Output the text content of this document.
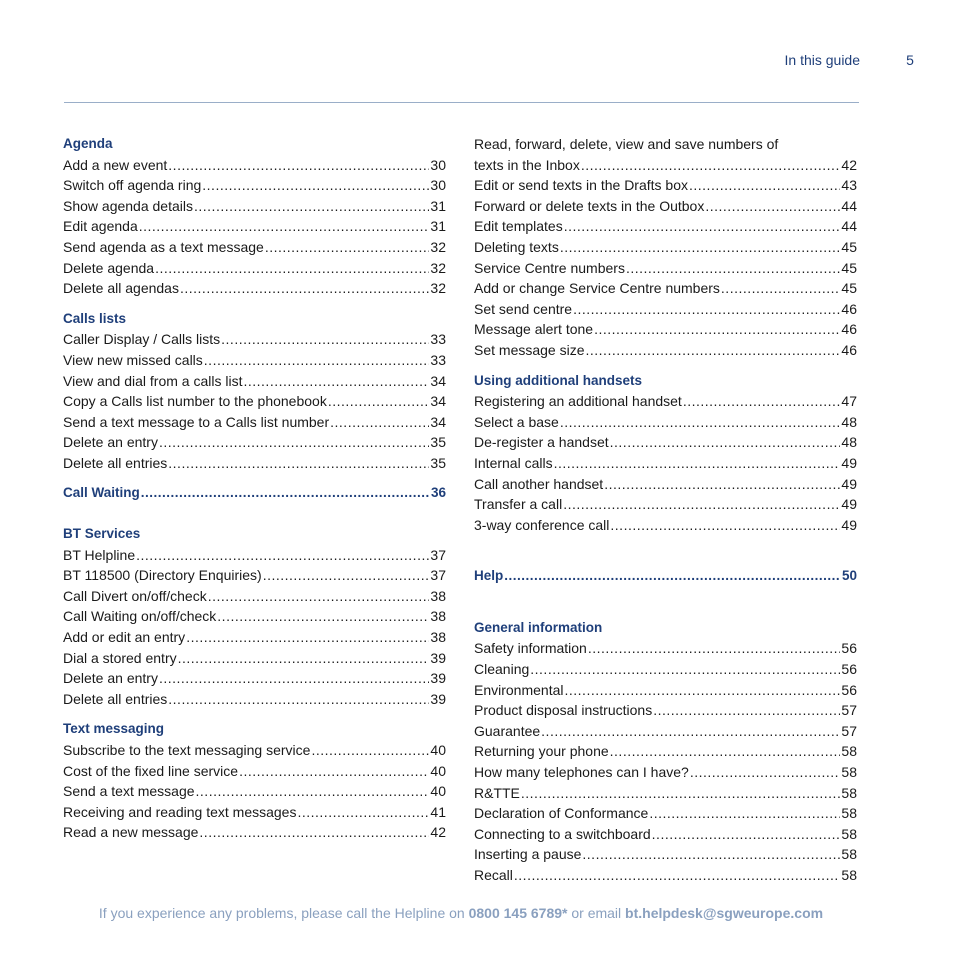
In this guide	5
Agenda
Add a new event .....	30
Switch off agenda ring .....	30
Show agenda details .....	31
Edit agenda .....	31
Send agenda as a text message .....	32
Delete agenda .....	32
Delete all agendas .....	32
Calls lists
Caller Display / Calls lists .....	33
View new missed calls .....	33
View and dial from a calls list .....	34
Copy a Calls list number to the phonebook .....	34
Send a text message to a Calls list number .....	34
Delete an entry .....	35
Delete all entries .....	35
Call Waiting .....	36
BT Services
BT Helpline .....	37
BT 118500 (Directory Enquiries) .....	37
Call Divert on/off/check .....	38
Call Waiting on/off/check .....	38
Add or edit an entry .....	38
Dial a stored entry .....	39
Delete an entry .....	39
Delete all entries .....	39
Text messaging
Subscribe to the text messaging service .....	40
Cost of the fixed line service .....	40
Send a text message .....	40
Receiving and reading text messages .....	41
Read a new message .....	42
Read, forward, delete, view and save numbers of
texts in the Inbox .....	42
Edit or send texts in the Drafts box .....	43
Forward or delete texts in the Outbox .....	44
Edit templates .....	44
Deleting texts .....	45
Service Centre numbers .....	45
Add or change Service Centre numbers .....	45
Set send centre .....	46
Message alert tone .....	46
Set message size .....	46
Using additional handsets
Registering an additional handset .....	47
Select a base .....	48
De-register a handset .....	48
Internal calls .....	49
Call another handset .....	49
Transfer a call .....	49
3-way conference call .....	49
Help .....	50
General information
Safety information .....	56
Cleaning .....	56
Environmental .....	56
Product disposal instructions .....	57
Guarantee .....	57
Returning your phone .....	58
How many telephones can I have? .....	58
R&TTE .....	58
Declaration of Conformance .....	58
Connecting to a switchboard .....	58
Inserting a pause .....	58
Recall .....	58
If you experience any problems, please call the Helpline on 0800 145 6789* or email bt.helpdesk@sgweurope.com
